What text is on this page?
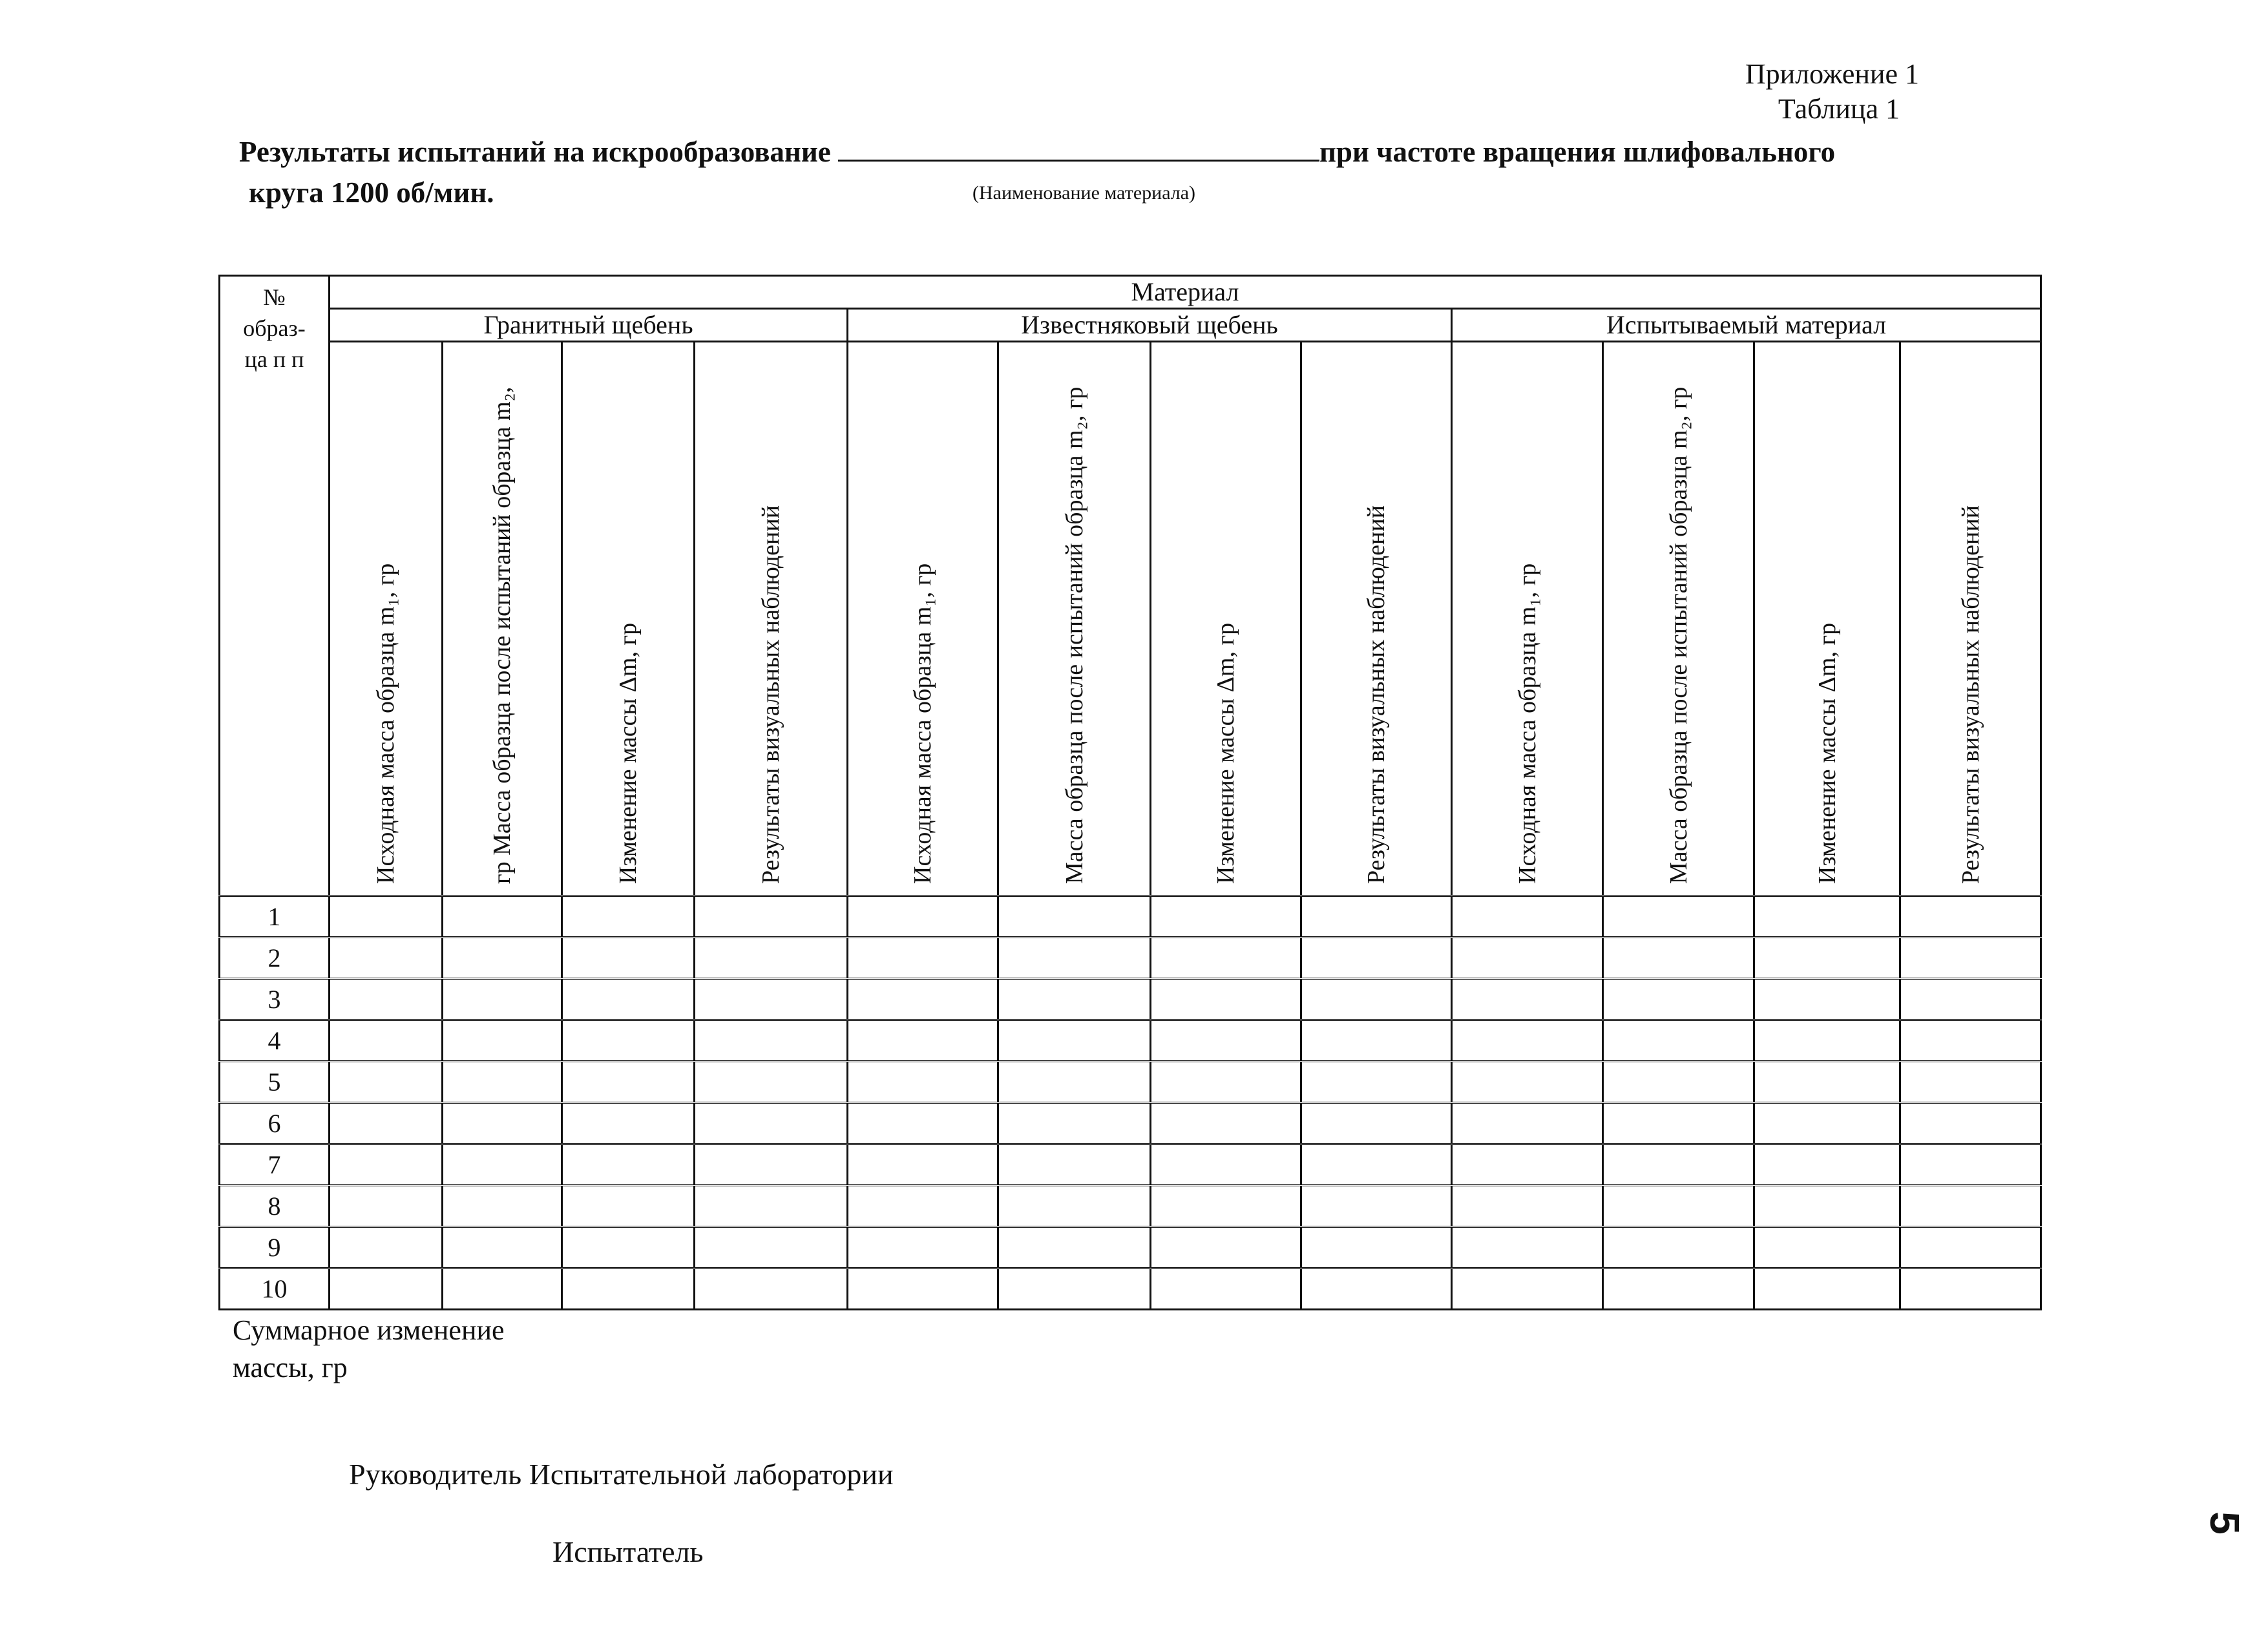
Приложение 1
Таблица 1
Результаты испытаний на искрообразование	при частоте вращения шлифовального
круга 1200 об/мин.	(Наименование материала)
№ образ- ца п п	Материал											
	Гранитный щебень				Известняковый щебень				Испытываемый материал			

	Исходная масса образца m₁, гр	гр Масса образца после испытаний образца m₂,	Изменение массы Δm, гр	Результаты визуальных наблюдений	Исходная масса образца m₁, гр	Масса образца после испытаний образца m₂, гр	Изменение массы Δm, гр	Результаты визуальных наблюдений	Исходная масса образца m₁, гр	Масса образца после испытаний образца m₂, гр	Изменение массы Δm, гр	Результаты визуальных наблюдений

1												
2												
3												
4												
5												
6												
7												
8												
9												
10												
Суммарное изменение
массы, гр
Руководитель Испытательной лаборатории
Испытатель
5
